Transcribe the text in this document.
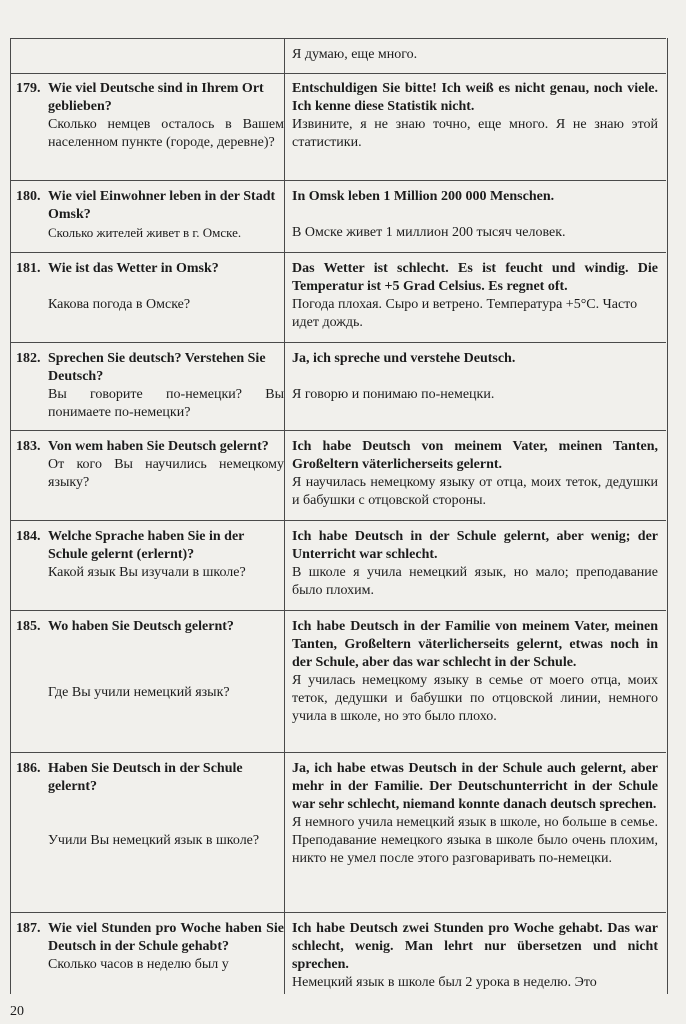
Я думаю, еще много.
179. Wie viel Deutsche sind in Ihrem Ort geblieben?
Сколько немцев осталось в Вашем населенном пункте (городе, деревне)?
Entschuldigen Sie bitte! Ich weiß es nicht genau, noch viele. Ich kenne diese Statistik nicht.
Извините, я не знаю точно, еще много. Я не знаю этой статистики.
180. Wie viel Einwohner leben in der Stadt Omsk?
Сколько жителей живет в г. Омске.
In Omsk leben 1 Million 200 000 Menschen.
В Омске живет 1 миллион 200 тысяч человек.
181. Wie ist das Wetter in Omsk?
Какова погода в Омске?
Das Wetter ist schlecht. Es ist feucht und windig. Die Temperatur ist +5 Grad Celsius. Es regnet oft.
Погода плохая. Сыро и ветрено. Температура +5°С. Часто идет дождь.
182. Sprechen Sie deutsch? Verstehen Sie Deutsch?
Вы говорите по-немецки? Вы понимаете по-немецки?
Ja, ich spreche und verstehe Deutsch.
Я говорю и понимаю по-немецки.
183. Von wem haben Sie Deutsch gelernt?
От кого Вы научились немецкому языку?
Ich habe Deutsch von meinem Vater, meinen Tanten, Großeltern väterlicherseits gelernt.
Я научилась немецкому языку от отца, моих теток, дедушки и бабушки с отцовской стороны.
184. Welche Sprache haben Sie in der Schule gelernt (erlernt)?
Какой язык Вы изучали в школе?
Ich habe Deutsch in der Schule gelernt, aber wenig; der Unterricht war schlecht.
В школе я учила немецкий язык, но мало; преподавание было плохим.
185. Wo haben Sie Deutsch gelernt?
Где Вы учили немецкий язык?
Ich habe Deutsch in der Familie von meinem Vater, meinen Tanten, Großeltern väterlicherseits gelernt, etwas noch in der Schule, aber das war schlecht in der Schule.
Я училась немецкому языку в семье от моего отца, моих теток, дедушки и бабушки по отцовской линии, немного учила в школе, но это было плохо.
186. Haben Sie Deutsch in der Schule gelernt?
Учили Вы немецкий язык в школе?
Ja, ich habe etwas Deutsch in der Schule auch gelernt, aber mehr in der Familie. Der Deutschunterricht in der Schule war sehr schlecht, niemand konnte danach deutsch sprechen.
Я немного учила немецкий язык в школе, но больше в семье. Преподавание немецкого языка в школе было очень плохим, никто не умел после этого разговаривать по-немецки.
187. Wie viel Stunden pro Woche haben Sie Deutsch in der Schule gehabt?
Сколько часов в неделю был у
Ich habe Deutsch zwei Stunden pro Woche gehabt. Das war schlecht, wenig. Man lehrt nur übersetzen und nicht sprechen.
Немецкий язык в школе был 2 урока в неделю. Это
20
